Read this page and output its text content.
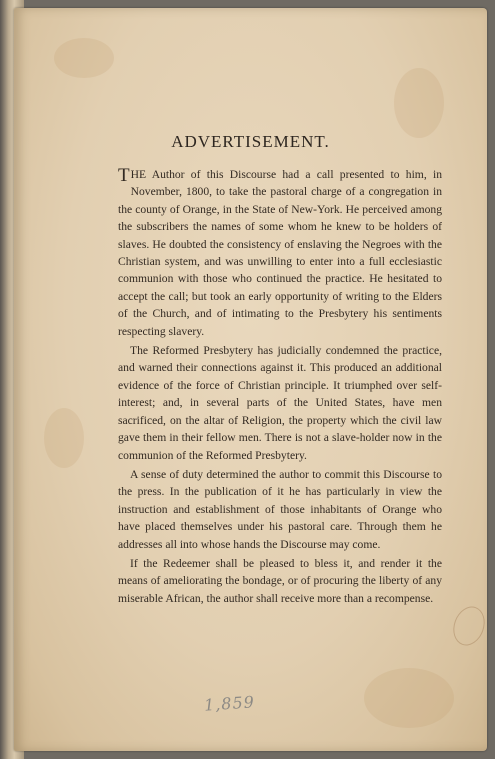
ADVERTISEMENT.

THE Author of this Discourse had a call presented to him, in November, 1800, to take the pastoral charge of a congregation in the county of Orange, in the State of New-York. He perceived among the subscribers the names of some whom he knew to be holders of slaves. He doubted the consistency of enslaving the Negroes with the Christian system, and was unwilling to enter into a full ecclesiastic communion with those who continued the practice. He hesitated to accept the call; but took an early opportunity of writing to the Elders of the Church, and of intimating to the Presbytery his sentiments respecting slavery.

The Reformed Presbytery has judicially condemned the practice, and warned their connections against it. This produced an additional evidence of the force of Christian principle. It triumphed over self-interest; and, in several parts of the United States, have men sacrificed, on the altar of Religion, the property which the civil law gave them in their fellow men. There is not a slave-holder now in the communion of the Reformed Presbytery.

A sense of duty determined the author to commit this Discourse to the press. In the publication of it he has particularly in view the instruction and establishment of those inhabitants of Orange who have placed themselves under his pastoral care. Through them he addresses all into whose hands the Discourse may come.

If the Redeemer shall be pleased to bless it, and render it the means of ameliorating the bondage, or of procuring the liberty of any miserable African, the author shall receive more than a recompense.

1,859
